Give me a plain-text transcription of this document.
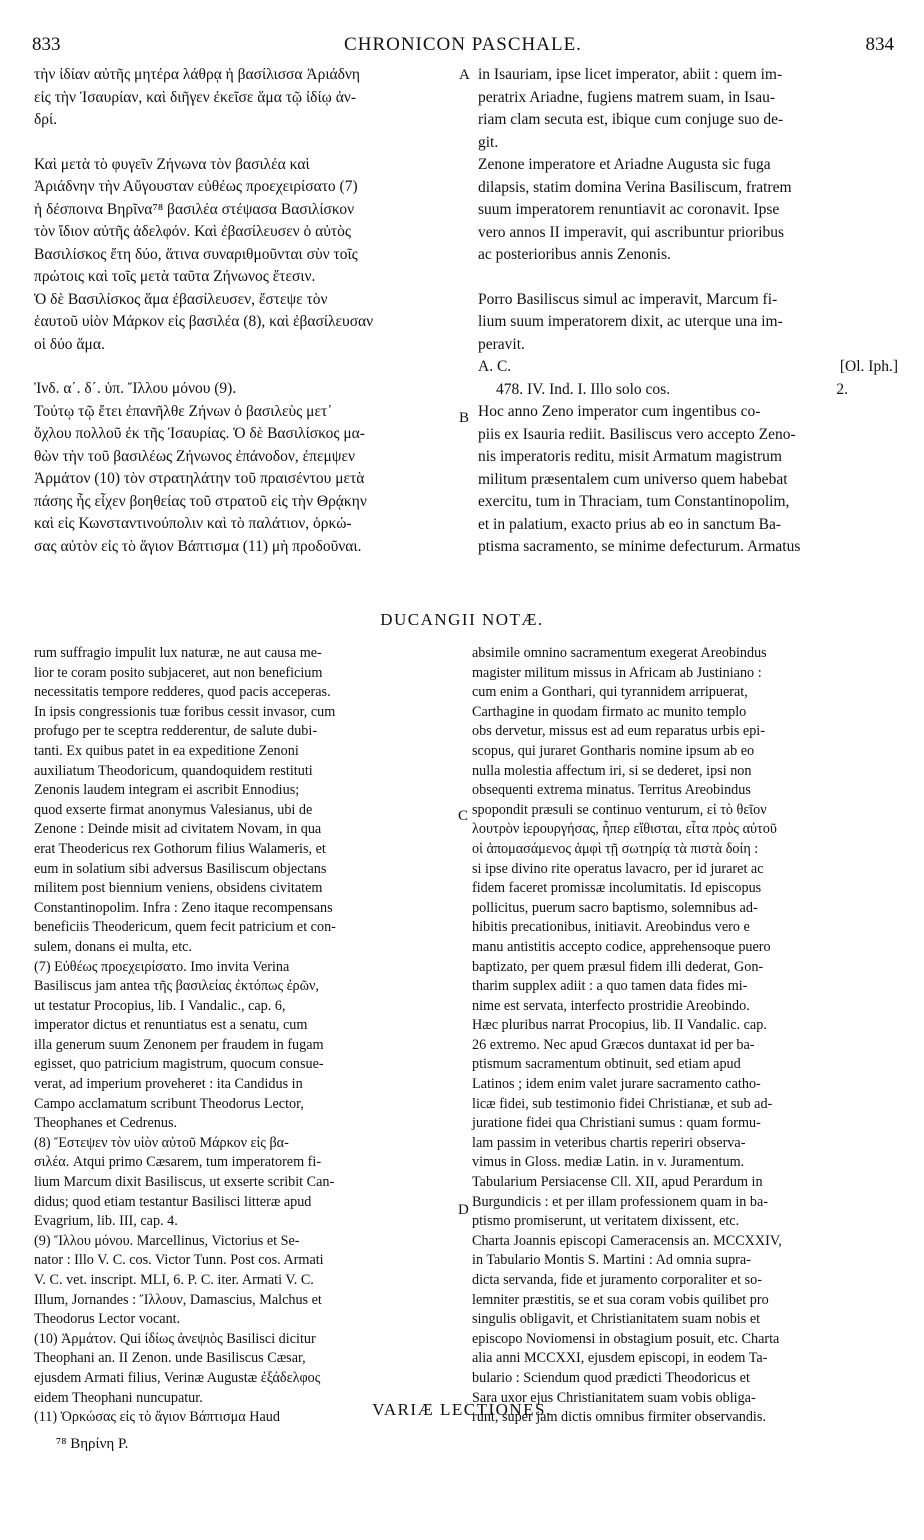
833	CHRONICON PASCHALE.	834

τὴν ἰδίαν αὐτῆς μητέρα λάθρᾳ ἡ βασίλισσα Ἀριάδνη

εἰς τὴν Ἰσαυρίαν, καὶ διῆγεν ἐκεῖσε ἅμα τῷ ἰδίῳ ἀν-

δρί.

Καὶ μετὰ τὸ φυγεῖν Ζήνωνα τὸν βασιλέα καὶ

Ἀριάδνην τὴν Αὔγουσταν εὐθέως προεχειρίσατο (7)

ἡ δέσποινα Βηρῖνα⁷⁸ βασιλέα στέψασα Βασιλίσκον

τὸν ἴδιον αὐτῆς ἀδελφόν. Καὶ ἐβασίλευσεν ὁ αὐτὸς

Βασιλίσκος ἔτη δύο, ἅτινα συναριθμοῦνται σὺν τοῖς

πρώτοις καὶ τοῖς μετὰ ταῦτα Ζήνωνος ἔτεσιν.

Ὁ δὲ Βασιλίσκος ἅμα ἐβασίλευσεν, ἔστεψε τὸν

ἑαυτοῦ υἱὸν Μάρκον εἰς βασιλέα (8), καὶ ἐβασίλευσαν

οἱ δύο ἅμα.

Ἰνδ. α΄. δ΄. ὑπ. Ἴλλου μόνου (9).

Τούτῳ τῷ ἔτει ἐπανῆλθε Ζήνων ὁ βασιλεὺς μετ᾽

ὄχλου πολλοῦ ἐκ τῆς Ἰσαυρίας. Ὁ δὲ Βασιλίσκος μα-

θὼν τὴν τοῦ βασιλέως Ζήνωνος ἐπάνοδον, ἐπεμψεν

Ἀρμάτον (10) τὸν στρατηλάτην τοῦ πραισέντου μετὰ

πάσης ἧς εἶχεν βοηθείας τοῦ στρατοῦ εἰς τὴν Θρᾴκην

καὶ εἰς Κωνσταντινούπολιν καὶ τὸ παλάτιον, ὁρκώ-

σας αὐτὸν εἰς τὸ ἅγιον Βάπτισμα (11) μὴ προδοῦναι.

in Isauriam, ipse licet imperator, abiit : quem im-

peratrix Ariadne, fugiens matrem suam, in Isau-

riam clam secuta est, ibique cum conjuge suo de-

git.

Zenone imperatore et Ariadne Augusta sic fuga

dilapsis, statim domina Verina Basiliscum, fratrem

suum imperatorem renuntiavit ac coronavit. Ipse

vero annos II imperavit, qui ascribuntur prioribus

ac posterioribus annis Zenonis.

Porro Basiliscus simul ac imperavit, Marcum fi-

lium suum imperatorem dixit, ac uterque una im-

peravit.

A. C.	[Ol. Iph.]
478. IV. Ind. I. Illo solo cos.	2.

Hoc anno Zeno imperator cum ingentibus co-

piis ex Isauria rediit. Basiliscus vero accepto Zeno-

nis imperatoris reditu, misit Armatum magistrum

militum præsentalem cum universo quem habebat

exercitu, tum in Thraciam, tum Constantinopolim,

et in palatium, exacto prius ab eo in sanctum Ba-

ptisma sacramento, se minime defecturum. Armatus

A
B
C
D
DUCANGII NOTÆ.

rum suffragio impulit lux naturæ, ne aut causa me-

lior te coram posito subjaceret, aut non beneficium

necessitatis tempore redderes, quod pacis acceperas.

In ipsis congressionis tuæ foribus cessit invasor, cum

profugo per te sceptra redderentur, de salute dubi-

tanti. Ex quibus patet in ea expeditione Zenoni

auxiliatum Theodoricum, quandoquidem restituti

Zenonis laudem integram ei ascribit Ennodius;

quod exserte firmat anonymus Valesianus, ubi de

Zenone : Deinde misit ad civitatem Novam, in qua

erat Theodericus rex Gothorum filius Walameris, et

eum in solatium sibi adversus Basiliscum objectans

militem post biennium veniens, obsidens civitatem

Constantinopolim. Infra : Zeno itaque recompensans

beneficiis Theodericum, quem fecit patricium et con-

sulem, donans ei multa, etc.

(7) Εὐθέως προεχειρίσατο. Imo invita Verina

Basiliscus jam antea τῆς βασιλείας ἐκτόπως ἐρῶν,

ut testatur Procopius, lib. I Vandalic., cap. 6,

imperator dictus et renuntiatus est a senatu, cum

illa generum suum Zenonem per fraudem in fugam

egisset, quo patricium magistrum, quocum consue-

verat, ad imperium proveheret : ita Candidus in

Campo acclamatum scribunt Theodorus Lector,

Theophanes et Cedrenus.

(8) Ἔστεψεν τὸν υἱὸν αὐτοῦ Μάρκον εἰς βα-

σιλέα. Atqui primo Cæsarem, tum imperatorem fi-

lium Marcum dixit Basiliscus, ut exserte scribit Can-

didus; quod etiam testantur Basilisci litteræ apud

Evagrium, lib. III, cap. 4.

(9) Ἴλλου μόνου. Marcellinus, Victorius et Se-

nator : Illo V. C. cos. Victor Tunn. Post cos. Armati

V. C. vet. inscript. MLI, 6. P. C. iter. Armati V. C.

Illum, Jornandes : Ἴλλουν, Damascius, Malchus et

Theodorus Lector vocant.

(10) Ἀρμάτον. Qui ἰδίως ἀνεψιὸς Basilisci dicitur

Theophani an. II Zenon. unde Basiliscus Cæsar,

ejusdem Armati filius, Verinæ Augustæ ἐξάδελφος

eidem Theophani nuncupatur.

(11) Ὁρκώσας εἰς τὸ ἅγιον Βάπτισμα Haud

absimile omnino sacramentum exegerat Areobindus

magister militum missus in Africam ab Justiniano :

cum enim a Gonthari, qui tyrannidem arripuerat,

Carthagine in quodam firmato ac munito templo

obs dervetur, missus est ad eum reparatus urbis epi-

scopus, qui juraret Gontharis nomine ipsum ab eo

nulla molestia affectum iri, si se dederet, ipsi non

obsequenti extrema minatus. Territus Areobindus

spopondit præsuli se continuo venturum, εἰ τὸ θεῖον

λουτρὸν ἱερουργήσας, ἧπερ εἴθισται, εἶτα πρὸς αὐτοῦ

οἱ ἀπομασάμενος ἀμφὶ τῇ σωτηρίᾳ τὰ πιστὰ δοίη :

si ipse divino rite operatus lavacro, per id juraret ac

fidem faceret promissæ incolumitatis. Id episcopus

pollicitus, puerum sacro baptismo, solemnibus ad-

hibitis precationibus, initiavit. Areobindus vero e

manu antistitis accepto codice, apprehensoque puero

baptizato, per quem præsul fidem illi dederat, Gon-

tharim supplex adiit : a quo tamen data fides mi-

nime est servata, interfecto prostridie Areobindo.

Hæc pluribus narrat Procopius, lib. II Vandalic. cap.

26 extremo. Nec apud Græcos duntaxat id per ba-

ptismum sacramentum obtinuit, sed etiam apud

Latinos ; idem enim valet jurare sacramento catho-

licæ fidei, sub testimonio fidei Christianæ, et sub ad-

juratione fidei qua Christiani sumus : quam formu-

lam passim in veteribus chartis reperiri observa-

vimus in Gloss. mediæ Latin. in v. Juramentum.

Tabularium Persiacense Cll. XII, apud Perardum in

Burgundicis : et per illam professionem quam in ba-

ptismo promiserunt, ut veritatem dixissent, etc.

Charta Joannis episcopi Cameracensis an. MCCXXIV,

in Tabulario Montis S. Martini : Ad omnia supra-

dicta servanda, fide et juramento corporaliter et so-

lemniter præstitis, se et sua coram vobis quilibet pro

singulis obligavit, et Christianitatem suam nobis et

episcopo Noviomensi in obstagium posuit, etc. Charta

alia anni MCCXXI, ejusdem episcopi, in eodem Ta-

bulario : Sciendum quod prædicti Theodoricus et

Sara uxor ejus Christianitatem suam vobis obliga-

runt, super jam dictis omnibus firmiter observandis.

VARIÆ LECTIONES.
⁷⁸ Βηρίνη P.
